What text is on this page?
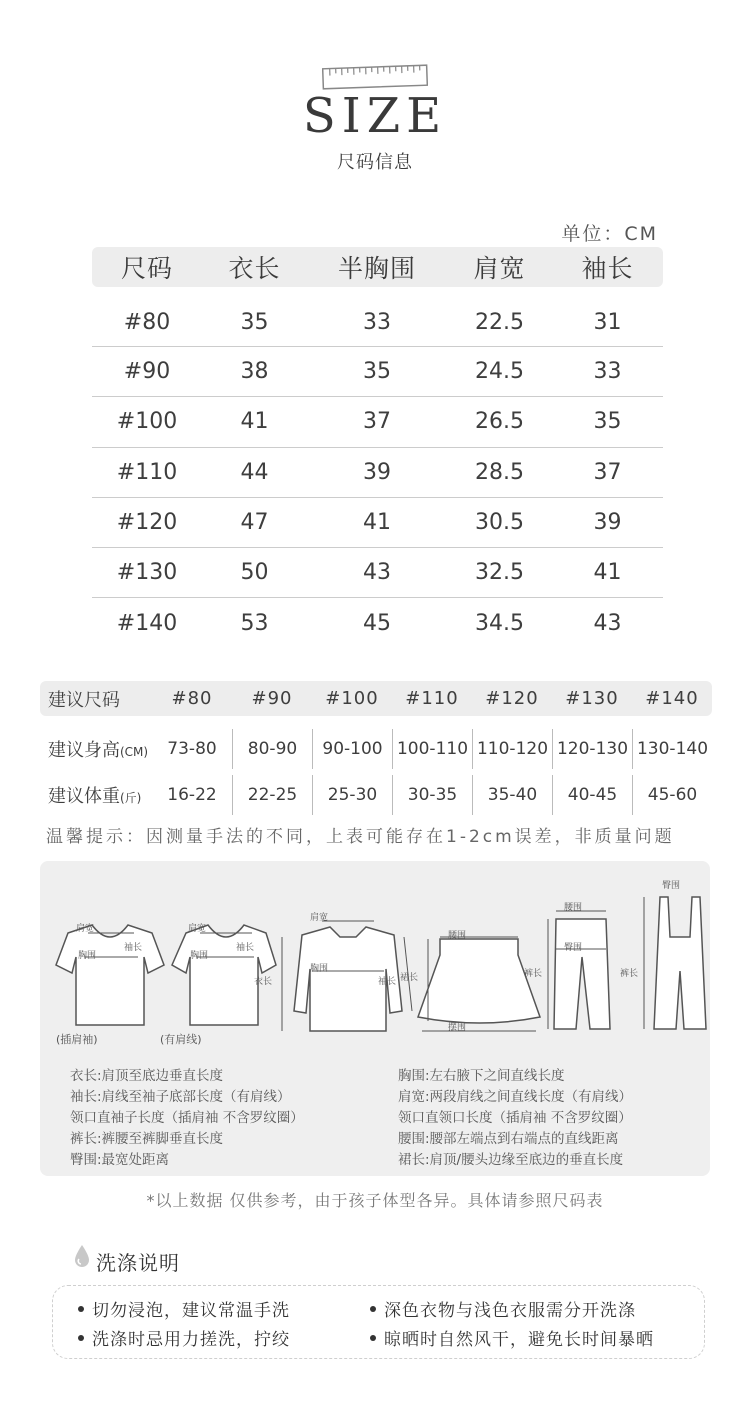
SIZE
尺码信息
单位：CM
尺码	衣长	半胸围	肩宽	袖长
#80	35	33	22.5	31
#90	38	35	24.5	33
#100	41	37	26.5	35
#110	44	39	28.5	37
#120	47	41	30.5	39
#130	50	43	32.5	41
#140	53	45	34.5	43
建议尺码	#80	#90	#100	#110	#120	#130	#140
建议身高(CM)	73-80	80-90	90-100 100-110 110-120 120-130 130-140
建议体重(斤)	16-22	22-25	25-30	30-35	35-40	40-45	45-60
温馨提示：因测量手法的不同，上表可能存在1-2cm误差，非质量问题
肩宽
袖长
胸围
肩宽
袖长
胸围
(插肩袖)	(有肩线)
肩宽
胸围
衣长	袖长
腰围
裙长
摆围
腰围
臀围
裤长
臀围
裤长
衣长:肩顶至底边垂直长度
袖长:肩线至袖子底部长度（有肩线）
领口直袖子长度（插肩袖 不含罗纹圈）
裤长:裤腰至裤脚垂直长度
臀围:最宽处距离
胸围:左右腋下之间直线长度
肩宽:两段肩线之间直线长度（有肩线）
领口直领口长度（插肩袖 不含罗纹圈）
腰围:腰部左端点到右端点的直线距离
裙长:肩顶/腰头边缘至底边的垂直长度
*以上数据 仅供参考，由于孩子体型各异。具体请参照尺码表
洗涤说明
切勿浸泡，建议常温手洗	深色衣物与浅色衣服需分开洗涤
洗涤时忌用力搓洗，拧绞	晾晒时自然风干，避免长时间暴晒
